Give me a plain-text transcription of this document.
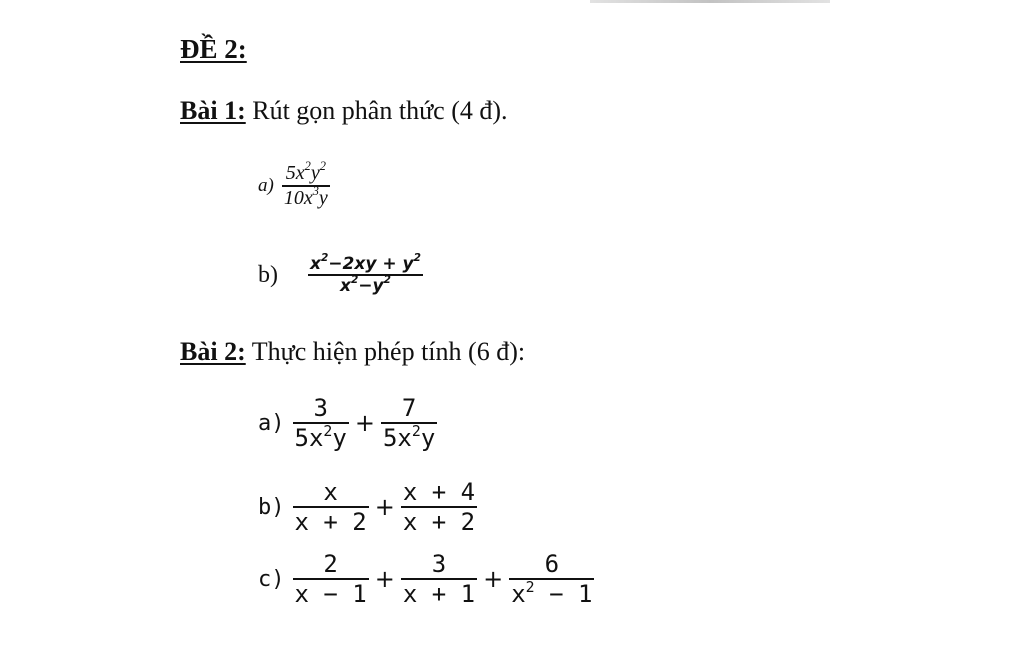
ĐỀ 2:
Bài 1: Rút gọn phân thức (4 đ).
$a) \frac{5x^2y^2}{10x^3y}$
$b) \frac{x^2-2xy + y^2}{x^2-y^2}$
Bài 2: Thực hiện phép tính (6 đ):
$a) \frac{3}{5x^2y} + \frac{7}{5x^2y}$
$b) \frac{x}{x + 2} + \frac{x + 4}{x + 2}$
$c) \frac{2}{x - 1} + \frac{3}{x + 1} + \frac{6}{x^2 - 1}$
